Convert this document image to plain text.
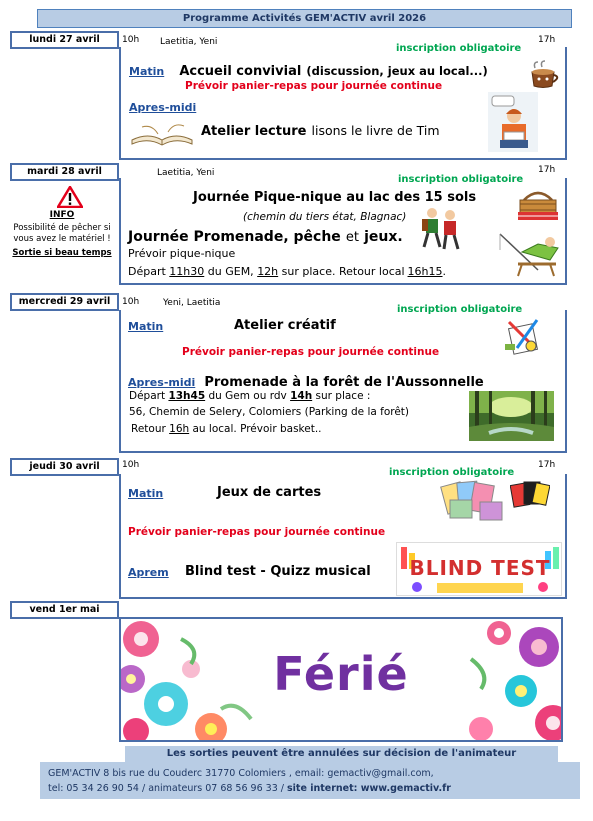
Programme Activités GEM'ACTIV avril 2026
lundi 27 avril	10h Laetitia, Yeni	17h
inscription obligatoire
Matin Accueil convivial (discussion, jeux au local...)
Prévoir panier-repas pour journée continue
Apres-midi
Atelier lecture lisons le livre de Tim
mardi 28 avril	Laetitia, Yeni	17h
inscription obligatoire
Journée Pique-nique au lac des 15 sols
(chemin du tiers état, Blagnac)
Journée Promenade, pêche et jeux.
Prévoir pique-nique
Départ 11h30 du GEM, 12h sur place. Retour local 16h15.
INFO
Possibilité de pêcher si vous avez le matériel !
Sortie si beau temps
mercredi 29 avril	10h	Yeni, Laetitia
inscription obligatoire
Matin	Atelier créatif
Prévoir panier-repas pour journée continue
Apres-midi Promenade à la forêt de l'Aussonnelle
Départ 13h45 du Gem ou rdv 14h sur place :
56, Chemin de Selery, Colomiers (Parking de la forêt)
Retour 16h au local. Prévoir basket..
jeudi 30 avril	10h	17h
inscription obligatoire
Matin	Jeux de cartes
Prévoir panier-repas pour journée continue
Aprem Blind test - Quizz musical	BLIND TEST
vend 1er mai
Férié
Les sorties peuvent être annulées sur décision de l'animateur
GEM'ACTIV 8 bis rue du Couderc 31770 Colomiers , email: gemactiv@gmail.com,
tel: 05 34 26 90 54 / animateurs 07 68 56 96 33 / site internet: www.gemactiv.fr
